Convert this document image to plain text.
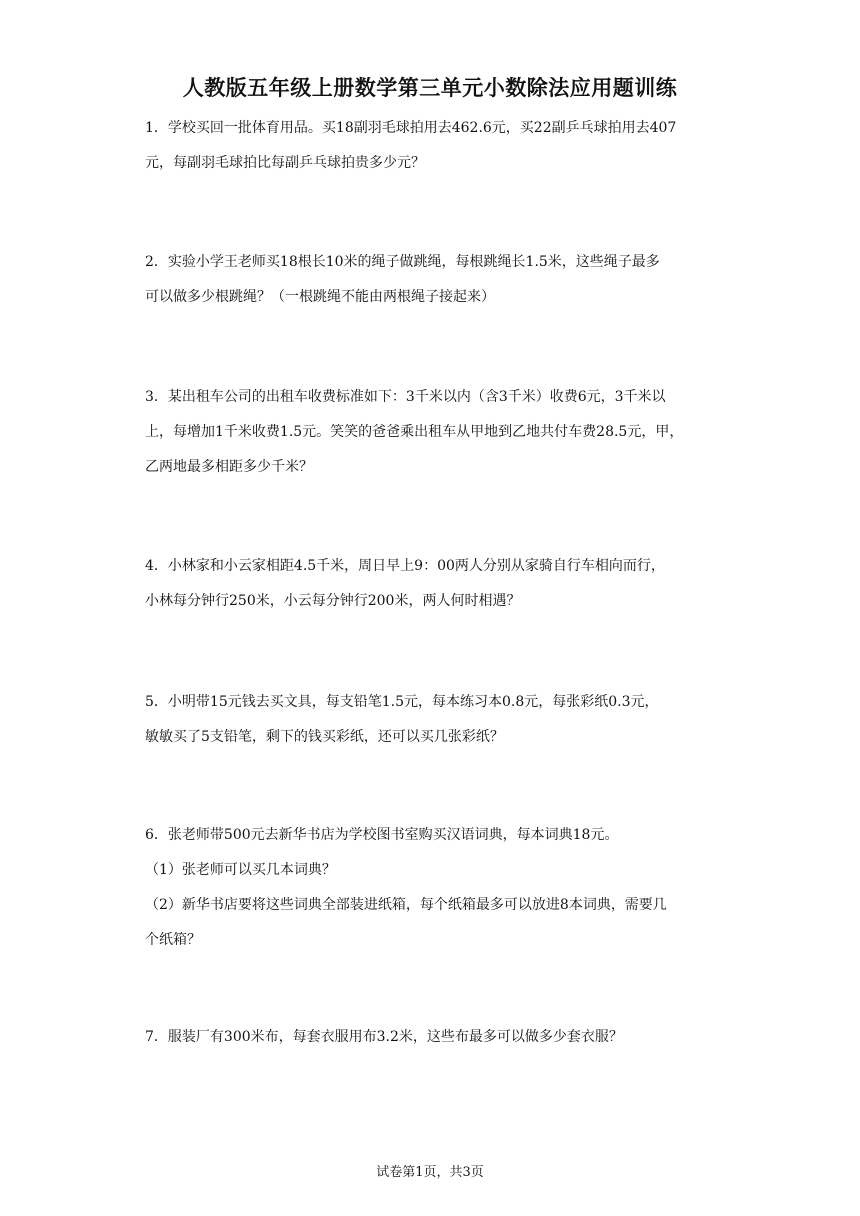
人教版五年级上册数学第三单元小数除法应用题训练
1．学校买回一批体育用品。买18副羽毛球拍用去462.6元，买22副乒乓球拍用去407
元，每副羽毛球拍比每副乒乓球拍贵多少元？
2．实验小学王老师买18根长10米的绳子做跳绳，每根跳绳长1.5米，这些绳子最多
可以做多少根跳绳？（一根跳绳不能由两根绳子接起来）
3．某出租车公司的出租车收费标准如下：3千米以内（含3千米）收费6元，3千米以
上，每增加1千米收费1.5元。笑笑的爸爸乘出租车从甲地到乙地共付车费28.5元，甲，
乙两地最多相距多少千米？
4．小林家和小云家相距4.5千米，周日早上9：00两人分别从家骑自行车相向而行，
小林每分钟行250米，小云每分钟行200米，两人何时相遇？
5．小明带15元钱去买文具，每支铅笔1.5元，每本练习本0.8元，每张彩纸0.3元，
敏敏买了5支铅笔，剩下的钱买彩纸，还可以买几张彩纸？
6．张老师带500元去新华书店为学校图书室购买汉语词典，每本词典18元。
（1）张老师可以买几本词典？
（2）新华书店要将这些词典全部装进纸箱，每个纸箱最多可以放进8本词典，需要几
个纸箱？
7．服装厂有300米布，每套衣服用布3.2米，这些布最多可以做多少套衣服？
试卷第1页，共3页
